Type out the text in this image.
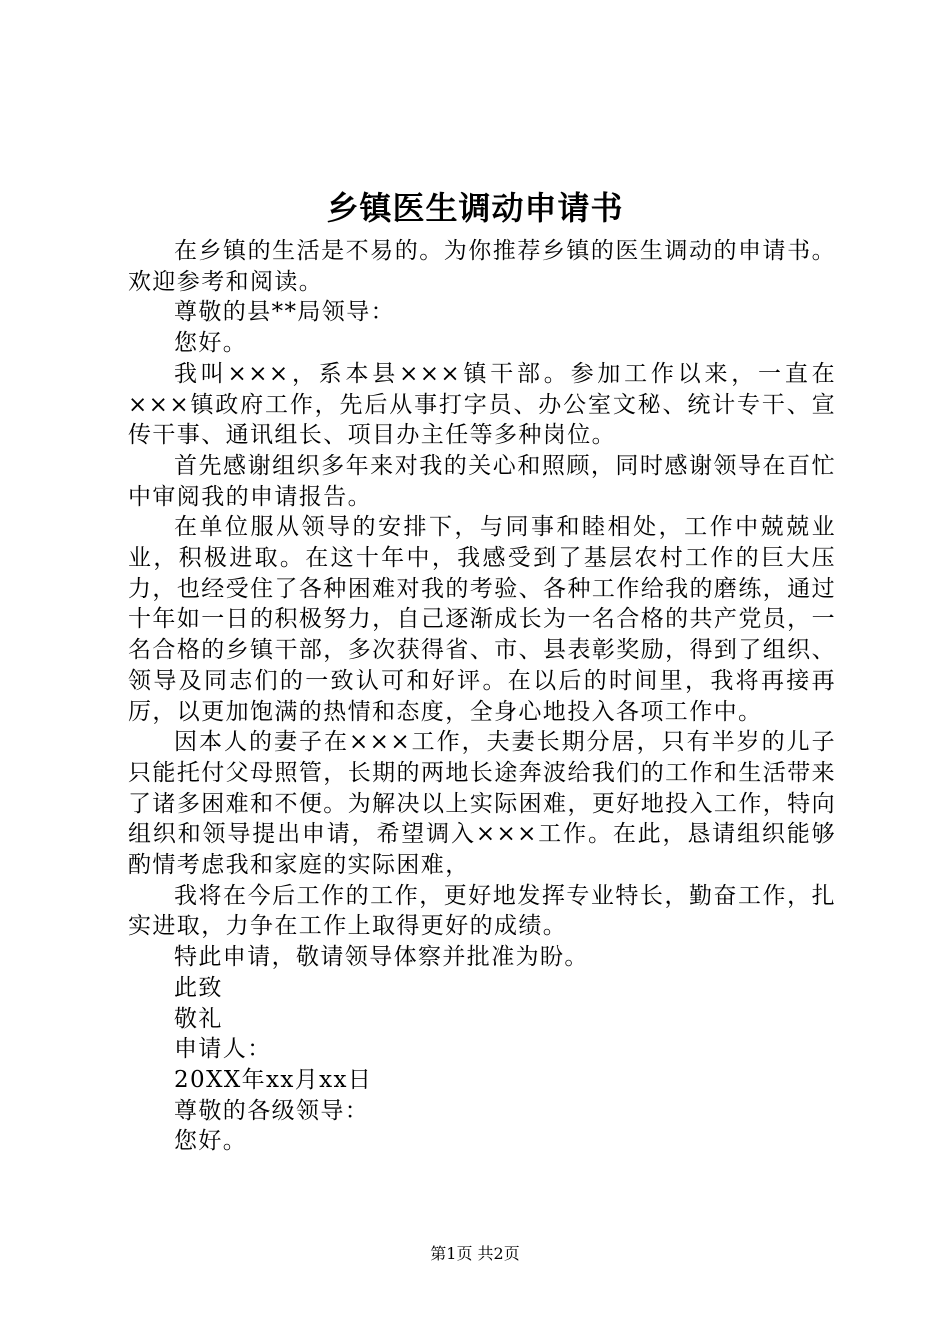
乡镇医生调动申请书

在乡镇的生活是不易的。为你推荐乡镇的医生调动的申请书。欢迎参考和阅读。

尊敬的县**局领导：

您好。

我叫×××，系本县×××镇干部。参加工作以来，一直在×××镇政府工作，先后从事打字员、办公室文秘、统计专干、宣传干事、通讯组长、项目办主任等多种岗位。

首先感谢组织多年来对我的关心和照顾，同时感谢领导在百忙中审阅我的申请报告。

在单位服从领导的安排下，与同事和睦相处，工作中兢兢业业，积极进取。在这十年中，我感受到了基层农村工作的巨大压力，也经受住了各种困难对我的考验、各种工作给我的磨练，通过十年如一日的积极努力，自己逐渐成长为一名合格的共产党员，一名合格的乡镇干部，多次获得省、市、县表彰奖励，得到了组织、领导及同志们的一致认可和好评。在以后的时间里，我将再接再厉，以更加饱满的热情和态度，全身心地投入各项工作中。

因本人的妻子在×××工作，夫妻长期分居，只有半岁的儿子只能托付父母照管，长期的两地长途奔波给我们的工作和生活带来了诸多困难和不便。为解决以上实际困难，更好地投入工作，特向组织和领导提出申请，希望调入×××工作。在此，恳请组织能够酌情考虑我和家庭的实际困难，

我将在今后工作的工作，更好地发挥专业特长，勤奋工作，扎实进取，力争在工作上取得更好的成绩。

特此申请，敬请领导体察并批准为盼。

此致

敬礼

申请人：

20XX年xx月xx日

尊敬的各级领导：

您好。

第1页 共2页
